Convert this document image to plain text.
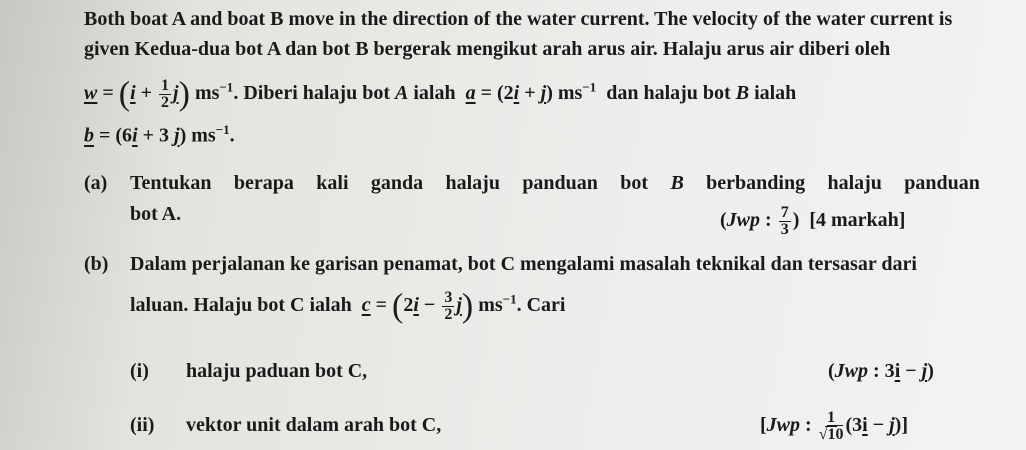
Both boat A and boat B move in the direction of the water current. The velocity of the water current is
given Kedua-dua bot A dan bot B bergerak mengikut arah arus air. Halaju arus air diberi oleh
$w = (i + \frac{1}{2} j)$ $ms^{-1}$. Diberi halaju bot A ialah a = (2i + j) $ms^{-1}$ dan halaju bot B ialah
b = (6i + 3 j) $ms^{-1}$.
(a) Tentukan berapa kali ganda halaju panduan bot B berbanding halaju panduan
bot A.	(Jwp : $\frac{7}{3}$ )  [4 markah]
(b) Dalam perjalanan ke garisan penamat, bot C mengalami masalah teknikal dan tersasar dari
laluan. Halaju bot C ialah $c = (2i - \frac{3}{2} j)$ $ms^{-1}$. Cari
(i) halaju paduan bot C,	(Jwp : 3i − j)
(ii) vektor unit dalam arah bot C,	[Jwp : $\frac{1}{√10} (3i - j)$]
